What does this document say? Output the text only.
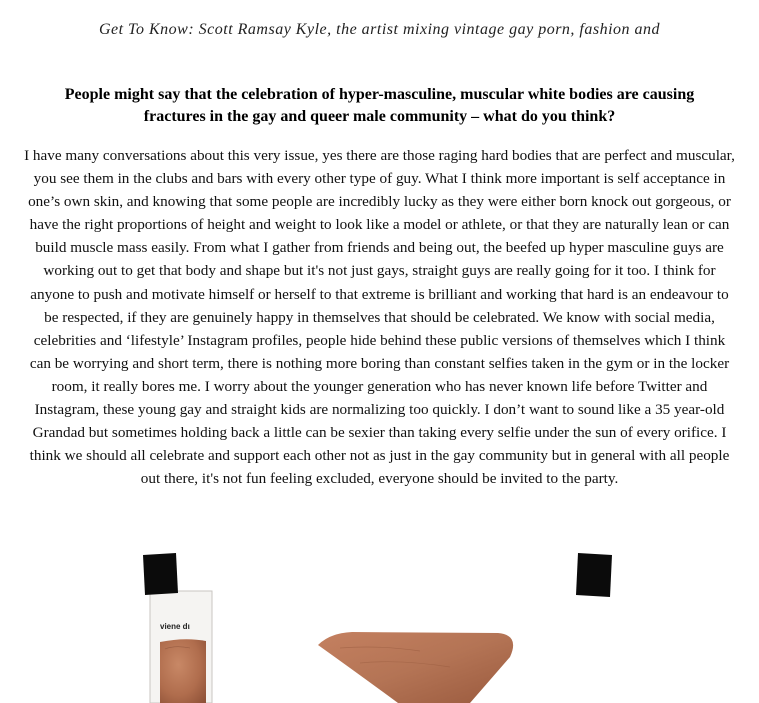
Get To Know: Scott Ramsay Kyle, the artist mixing vintage gay porn, fashion and
People might say that the celebration of hyper-masculine, muscular white bodies are causing fractures in the gay and queer male community – what do you think?
I have many conversations about this very issue, yes there are those raging hard bodies that are perfect and muscular, you see them in the clubs and bars with every other type of guy. What I think more important is self acceptance in one’s own skin, and knowing that some people are incredibly lucky as they were either born knock out gorgeous, or have the right proportions of height and weight to look like a model or athlete, or that they are naturally lean or can build muscle mass easily. From what I gather from friends and being out, the beefed up hyper masculine guys are working out to get that body and shape but it's not just gays, straight guys are really going for it too. I think for anyone to push and motivate himself or herself to that extreme is brilliant and working that hard is an endeavour to be respected, if they are genuinely happy in themselves that should be celebrated. We know with social media, celebrities and ‘lifestyle’ Instagram profiles, people hide behind these public versions of themselves which I think can be worrying and short term, there is nothing more boring than constant selfies taken in the gym or in the locker room, it really bores me. I worry about the younger generation who has never known life before Twitter and Instagram, these young gay and straight kids are normalizing too quickly. I don’t want to sound like a 35 year-old Grandad but sometimes holding back a little can be sexier than taking every selfie under the sun of every orifice. I think we should all celebrate and support each other not as just in the gay community but in general with all people out there, it's not fun feeling excluded, everyone should be invited to the party.
viene dι
